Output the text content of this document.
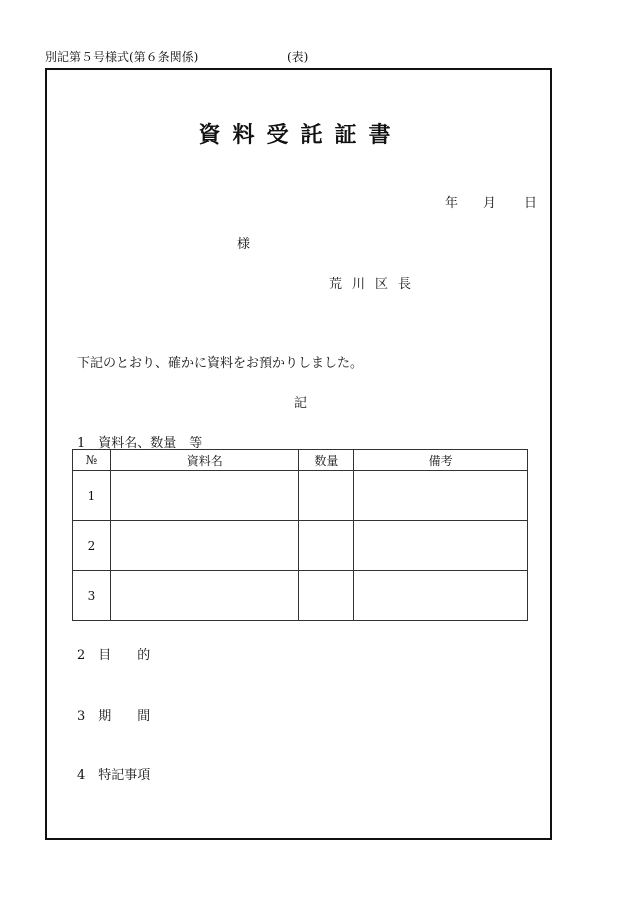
別記第５号様式(第６条関係)	(表)
資料受託証書
年 月 日
様
荒川区長
下記のとおり、確かに資料をお預かりしました。
記
1　 資料名、数量　等
№	資料名	数量	備考
1			
2			
3			
2　 目　　的
3　 期　　間
4　 特記事項
